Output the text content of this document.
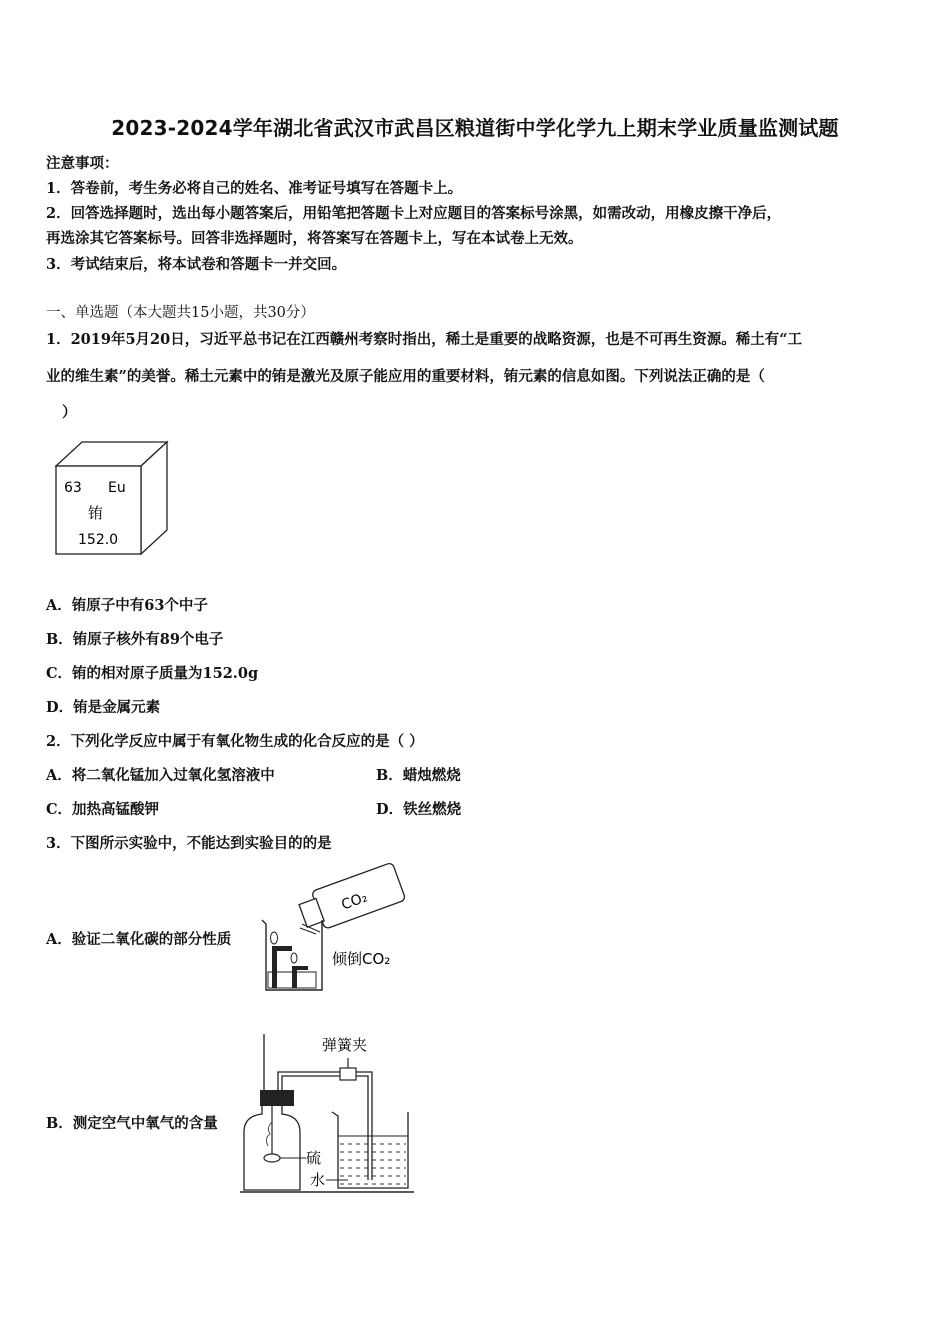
2023-2024学年湖北省武汉市武昌区粮道街中学化学九上期末学业质量监测试题
注意事项：
1．答卷前，考生务必将自己的姓名、准考证号填写在答题卡上。
2．回答选择题时，选出每小题答案后，用铅笔把答题卡上对应题目的答案标号涂黑，如需改动，用橡皮擦干净后，
再选涂其它答案标号。回答非选择题时，将答案写在答题卡上，写在本试卷上无效。
3．考试结束后，将本试卷和答题卡一并交回。
一、单选题（本大题共15小题，共30分）
1．2019年5月20日，习近平总书记在江西赣州考察时指出，稀土是重要的战略资源，也是不可再生资源。稀土有“工
业的维生素”的美誉。稀土元素中的铕是激光及原子能应用的重要材料，铕元素的信息如图。下列说法正确的是（
）
63 Eu
铕
152.0
A．铕原子中有63个中子
B．铕原子核外有89个电子
C．铕的相对原子质量为152.0g
D．铕是金属元素
2．下列化学反应中属于有氧化物生成的化合反应的是（ ）
A．将二氧化锰加入过氧化氢溶液中	B．蜡烛燃烧
C．加热高锰酸钾	D．铁丝燃烧
3．下图所示实验中，不能达到实验目的的是
A．验证二氧化碳的部分性质
CO₂
倾倒CO₂
B．测定空气中氧气的含量
弹簧夹
硫
水
